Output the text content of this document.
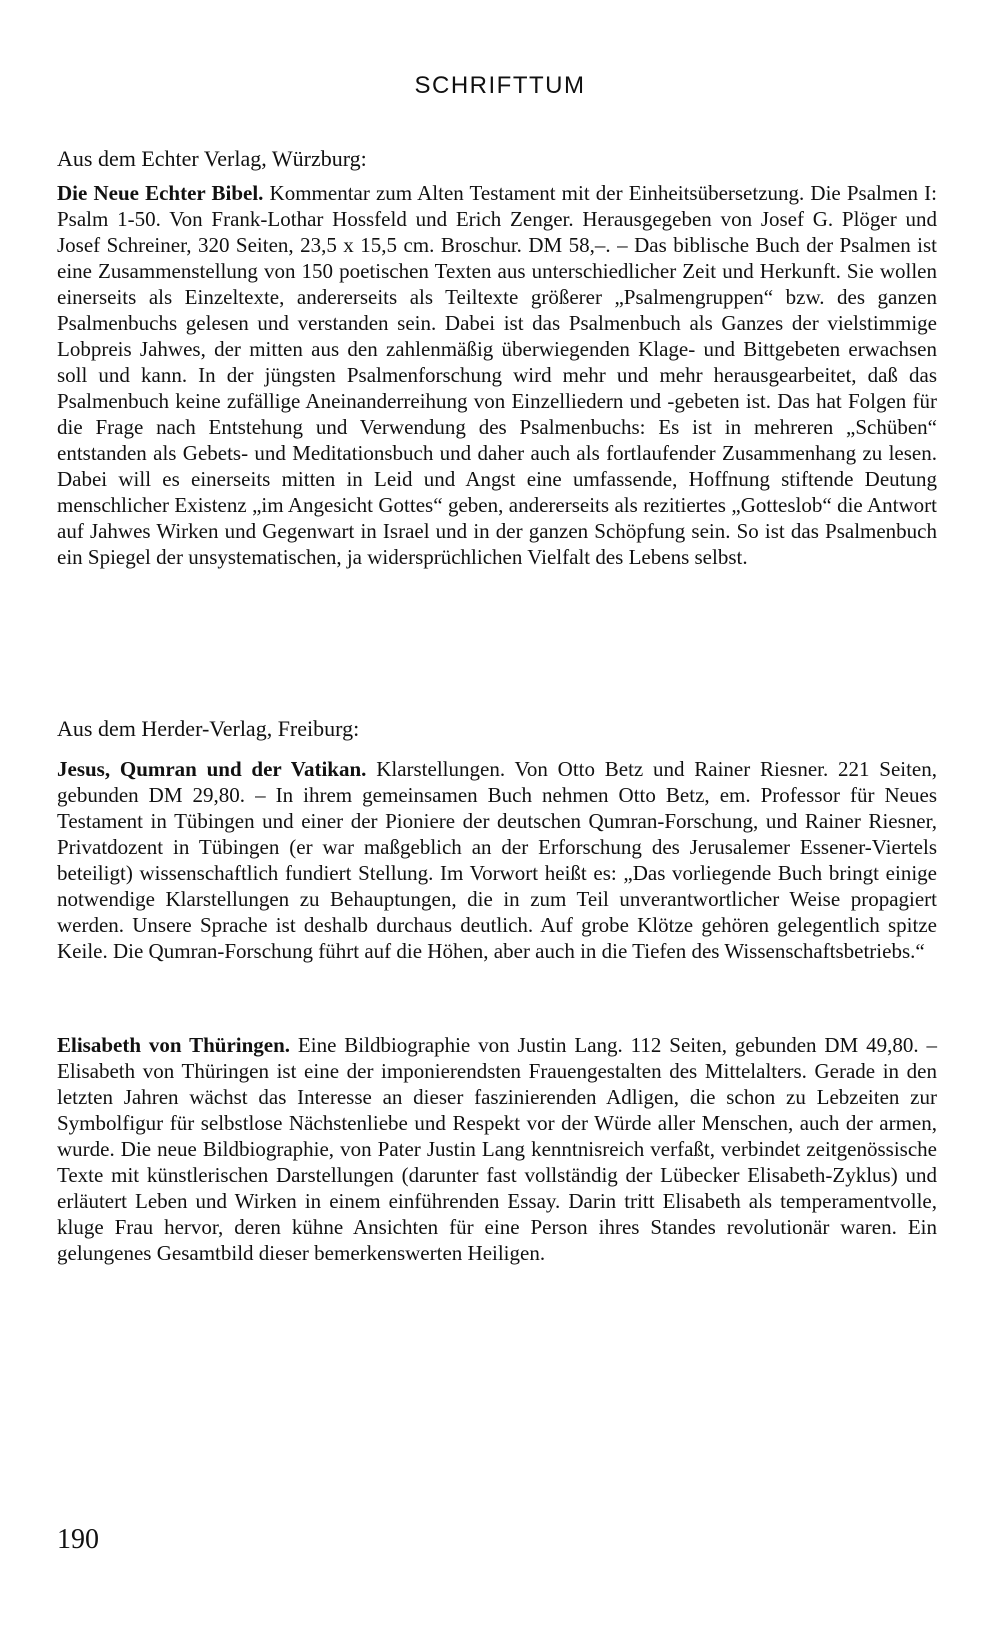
SCHRIFTTUM
Aus dem Echter Verlag, Würzburg:
Die Neue Echter Bibel. Kommentar zum Alten Testament mit der Einheitsübersetzung. Die Psalmen I: Psalm 1-50. Von Frank-Lothar Hossfeld und Erich Zenger. Herausgegeben von Josef G. Plöger und Josef Schreiner, 320 Seiten, 23,5 x 15,5 cm. Broschur. DM 58,–. – Das biblische Buch der Psalmen ist eine Zusammenstellung von 150 poetischen Texten aus unterschiedlicher Zeit und Herkunft. Sie wollen einerseits als Einzeltexte, andererseits als Teiltexte größerer „Psalmengruppen“ bzw. des ganzen Psalmenbuchs gelesen und verstanden sein. Dabei ist das Psalmenbuch als Ganzes der vielstimmige Lobpreis Jahwes, der mitten aus den zahlenmäßig überwiegenden Klage- und Bittgebeten erwachsen soll und kann. In der jüngsten Psalmenforschung wird mehr und mehr herausgearbeitet, daß das Psalmenbuch keine zufällige Aneinanderreihung von Einzelliedern und -gebeten ist. Das hat Folgen für die Frage nach Entstehung und Verwendung des Psalmenbuchs: Es ist in mehreren „Schüben“ entstanden als Gebets- und Meditationsbuch und daher auch als fortlaufender Zusammenhang zu lesen. Dabei will es einerseits mitten in Leid und Angst eine umfassende, Hoffnung stiftende Deutung menschlicher Existenz „im Angesicht Gottes“ geben, andererseits als rezitiertes „Gotteslob“ die Antwort auf Jahwes Wirken und Gegenwart in Israel und in der ganzen Schöpfung sein. So ist das Psalmenbuch ein Spiegel der unsystematischen, ja widersprüchlichen Vielfalt des Lebens selbst.
Aus dem Herder-Verlag, Freiburg:
Jesus, Qumran und der Vatikan. Klarstellungen. Von Otto Betz und Rainer Riesner. 221 Seiten, gebunden DM 29,80. – In ihrem gemeinsamen Buch nehmen Otto Betz, em. Professor für Neues Testament in Tübingen und einer der Pioniere der deutschen Qumran-Forschung, und Rainer Riesner, Privatdozent in Tübingen (er war maßgeblich an der Erforschung des Jerusalemer Essener-Viertels beteiligt) wissenschaftlich fundiert Stellung. Im Vorwort heißt es: „Das vorliegende Buch bringt einige notwendige Klarstellungen zu Behauptungen, die in zum Teil unverantwortlicher Weise propagiert werden. Unsere Sprache ist deshalb durchaus deutlich. Auf grobe Klötze gehören gelegentlich spitze Keile. Die Qumran-Forschung führt auf die Höhen, aber auch in die Tiefen des Wissenschaftsbetriebs.“
Elisabeth von Thüringen. Eine Bildbiographie von Justin Lang. 112 Seiten, gebunden DM 49,80. – Elisabeth von Thüringen ist eine der imponierendsten Frauengestalten des Mittelalters. Gerade in den letzten Jahren wächst das Interesse an dieser faszinierenden Adligen, die schon zu Lebzeiten zur Symbolfigur für selbstlose Nächstenliebe und Respekt vor der Würde aller Menschen, auch der armen, wurde. Die neue Bildbiographie, von Pater Justin Lang kenntnisreich verfaßt, verbindet zeitgenössische Texte mit künstlerischen Darstellungen (darunter fast vollständig der Lübecker Elisabeth-Zyklus) und erläutert Leben und Wirken in einem einführenden Essay. Darin tritt Elisabeth als temperamentvolle, kluge Frau hervor, deren kühne Ansichten für eine Person ihres Standes revolutionär waren. Ein gelungenes Gesamtbild dieser bemerkenswerten Heiligen.
190
